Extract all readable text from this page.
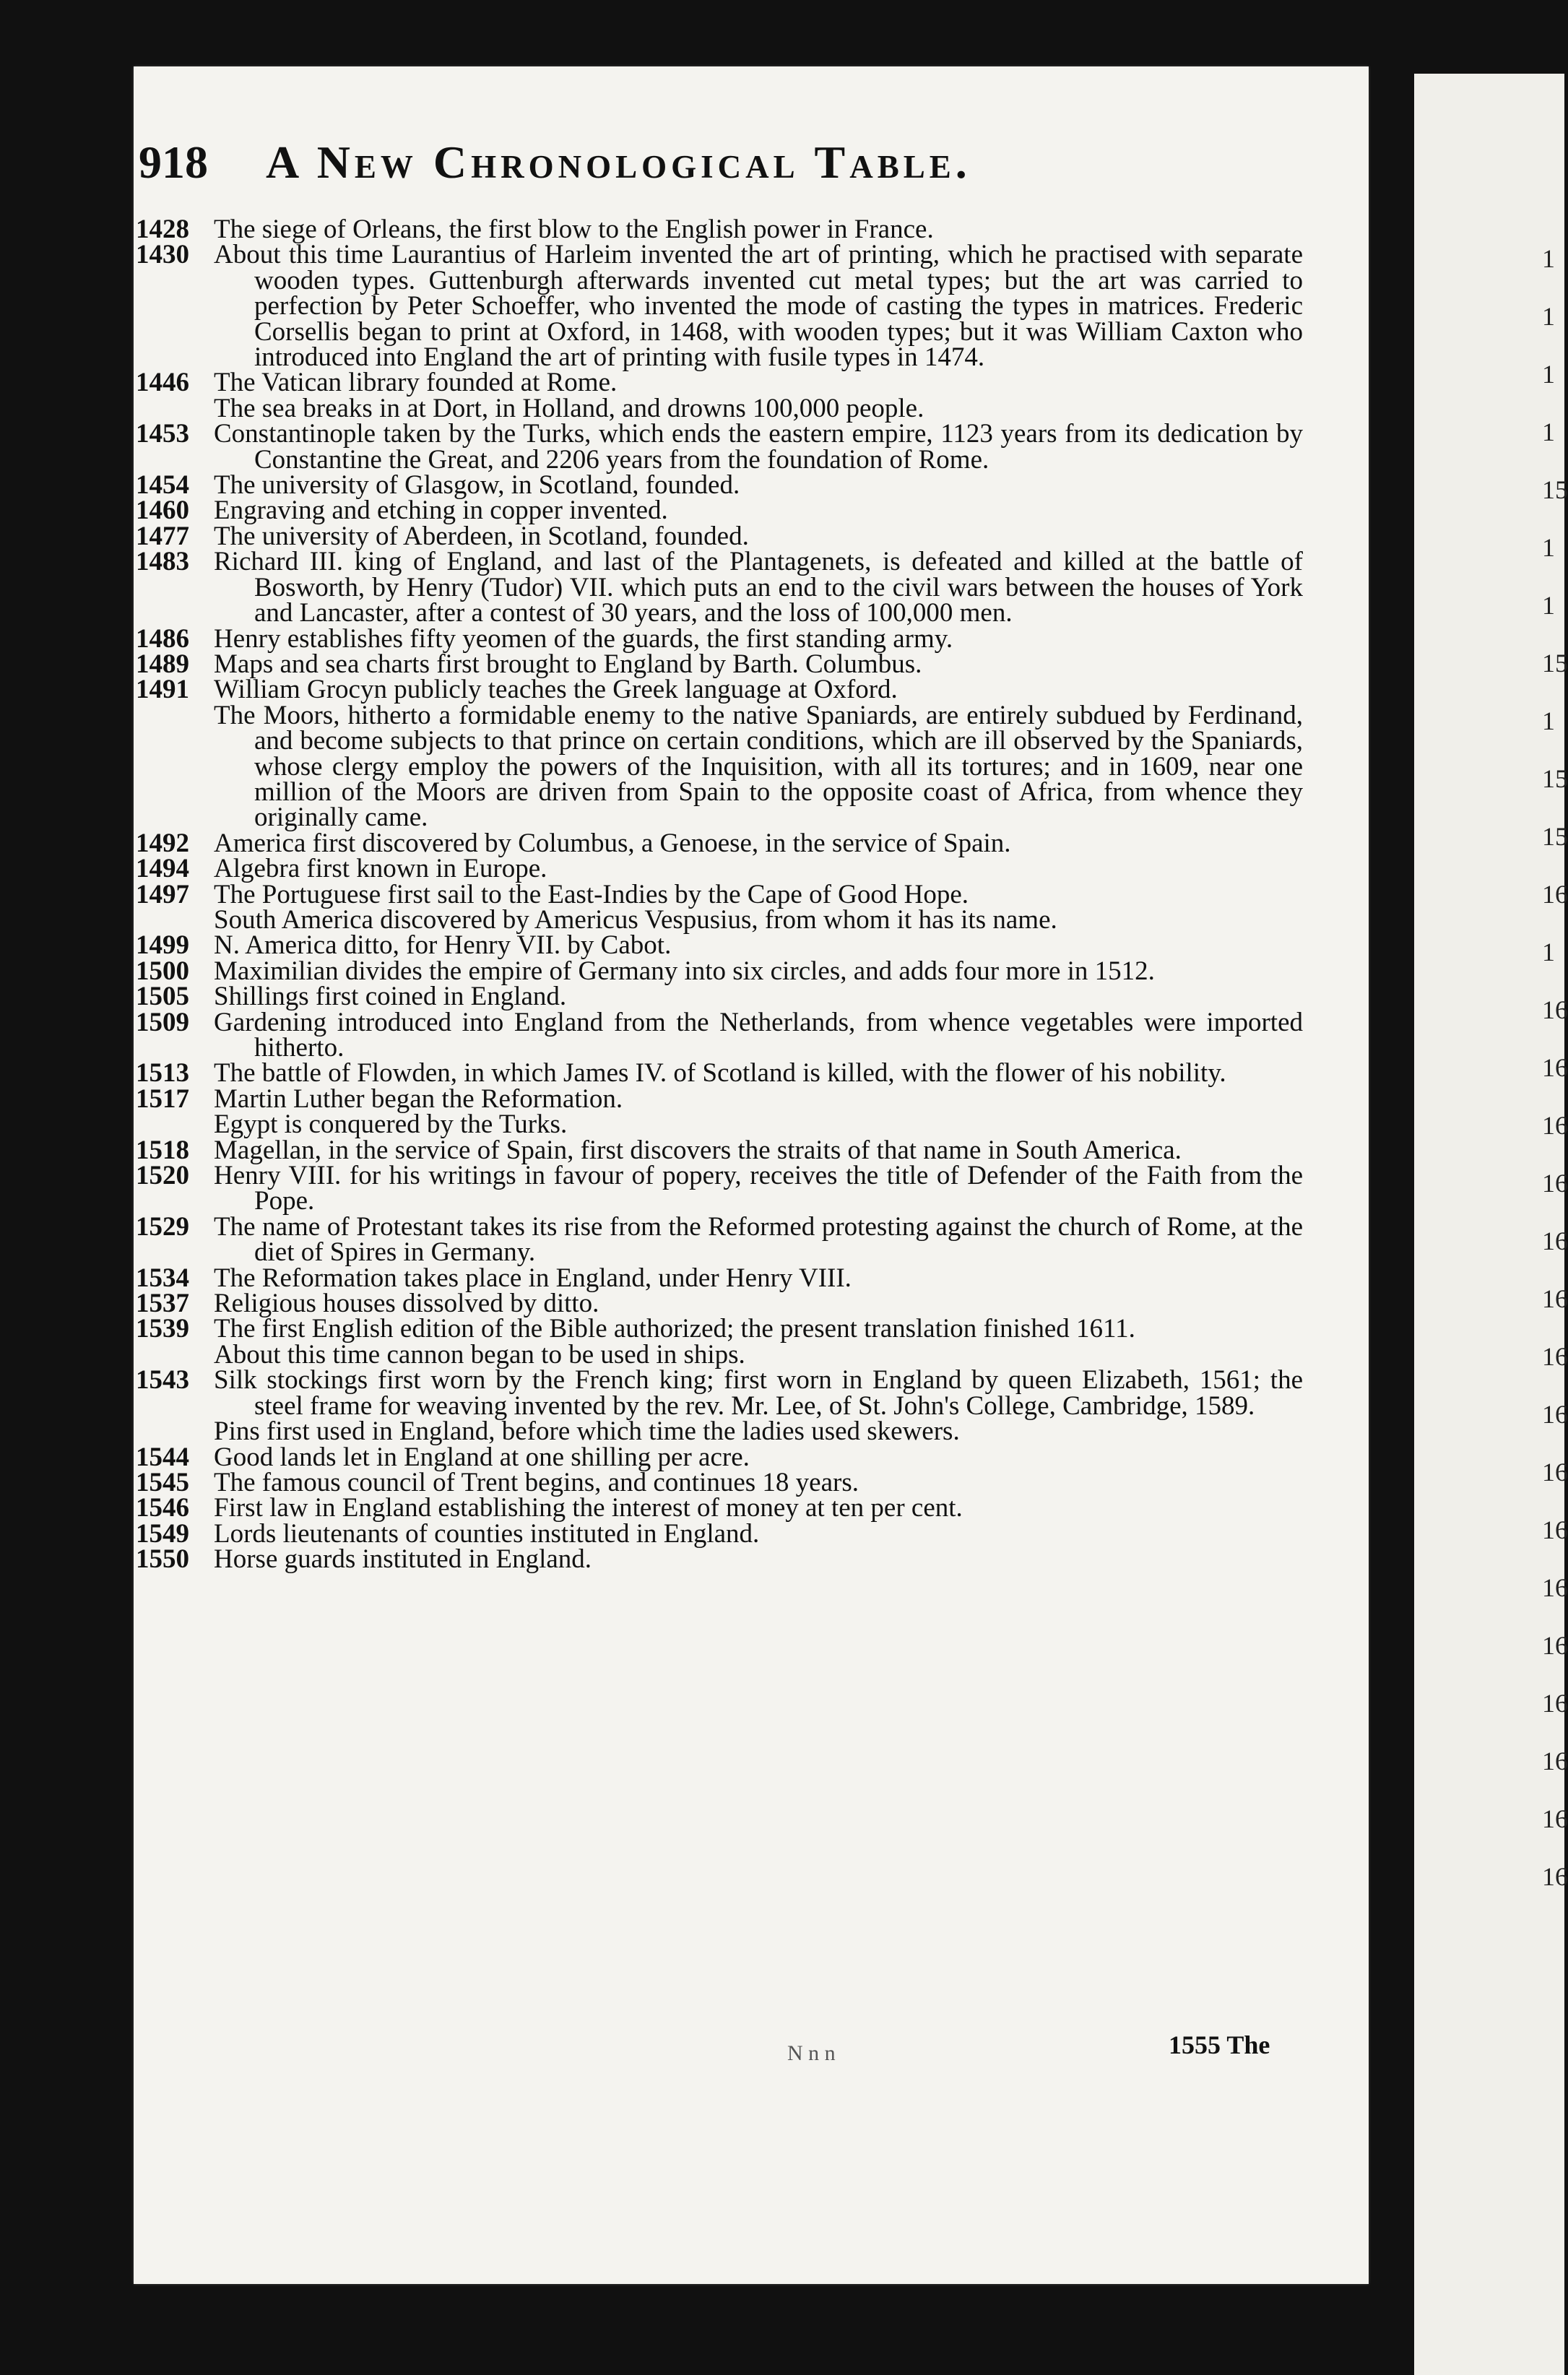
918 A New Chronological Table.
1428 The siege of Orleans, the first blow to the English power in France.
1430 About this time Laurantius of Harleim invented the art of printing, which he practised with separate wooden types. Guttenburgh afterwards invented cut metal types; but the art was carried to perfection by Peter Schoeffer, who invented the mode of casting the types in matrices. Frederic Corsellis began to print at Oxford, in 1468, with wooden types; but it was William Caxton who introduced into England the art of printing with fusile types in 1474.
1446 The Vatican library founded at Rome.
The sea breaks in at Dort, in Holland, and drowns 100,000 people.
1453 Constantinople taken by the Turks, which ends the eastern empire, 1123 years from its dedication by Constantine the Great, and 2206 years from the foundation of Rome.
1454 The university of Glasgow, in Scotland, founded.
1460 Engraving and etching in copper invented.
1477 The university of Aberdeen, in Scotland, founded.
1483 Richard III. king of England, and last of the Plantagenets, is defeated and killed at the battle of Bosworth, by Henry (Tudor) VII. which puts an end to the civil wars between the houses of York and Lancaster, after a contest of 30 years, and the loss of 100,000 men.
1486 Henry establishes fifty yeomen of the guards, the first standing army.
1489 Maps and sea charts first brought to England by Barth. Columbus.
1491 William Grocyn publicly teaches the Greek language at Oxford.
The Moors, hitherto a formidable enemy to the native Spaniards, are entirely subdued by Ferdinand, and become subjects to that prince on certain conditions, which are ill observed by the Spaniards, whose clergy employ the powers of the Inquisition, with all its tortures; and in 1609, near one million of the Moors are driven from Spain to the opposite coast of Africa, from whence they originally came.
1492 America first discovered by Columbus, a Genoese, in the service of Spain.
1494 Algebra first known in Europe.
1497 The Portuguese first sail to the East-Indies by the Cape of Good Hope.
South America discovered by Americus Vespusius, from whom it has its name.
1499 N. America ditto, for Henry VII. by Cabot.
1500 Maximilian divides the empire of Germany into six circles, and adds four more in 1512.
1505 Shillings first coined in England.
1509 Gardening introduced into England from the Netherlands, from whence vegetables were imported hitherto.
1513 The battle of Flowden, in which James IV. of Scotland is killed, with the flower of his nobility.
1517 Martin Luther began the Reformation.
Egypt is conquered by the Turks.
1518 Magellan, in the service of Spain, first discovers the straits of that name in South America.
1520 Henry VIII. for his writings in favour of popery, receives the title of Defender of the Faith from the Pope.
1529 The name of Protestant takes its rise from the Reformed protesting against the church of Rome, at the diet of Spires in Germany.
1534 The Reformation takes place in England, under Henry VIII.
1537 Religious houses dissolved by ditto.
1539 The first English edition of the Bible authorized; the present translation finished 1611.
About this time cannon began to be used in ships.
1543 Silk stockings first worn by the French king; first worn in England by queen Elizabeth, 1561; the steel frame for weaving invented by the rev. Mr. Lee, of St. John's College, Cambridge, 1589.
Pins first used in England, before which time the ladies used skewers.
1544 Good lands let in England at one shilling per acre.
1545 The famous council of Trent begins, and continues 18 years.
1546 First law in England establishing the interest of money at ten per cent.
1549 Lords lieutenants of counties instituted in England.
1550 Horse guards instituted in England.
N n n	1555 The
1
1
1
1
15
1
1
15
1
15
15
16
1
16
16
16
16
16
16
16
16
16
16
16
16
16
16
16
16
